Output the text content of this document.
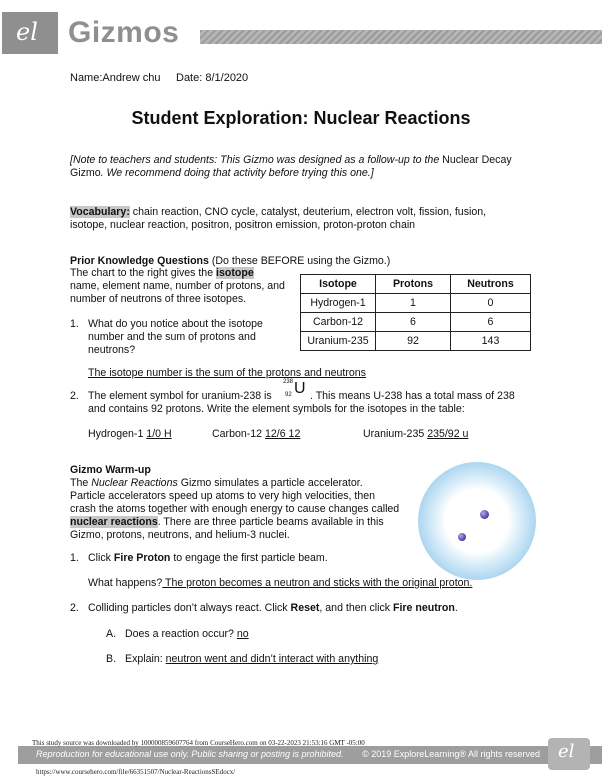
el Gizmos
Name:Andrew chu Date: 8/1/2020
Student Exploration: Nuclear Reactions

[Note to teachers and students: This Gizmo was designed as a follow-up to the Nuclear Decay

Gizmo. We recommend doing that activity before trying this one.]

Vocabulary: chain reaction, CNO cycle, catalyst, deuterium, electron volt, fission, fusion,

isotope, nuclear reaction, positron, positron emission, proton-proton chain

Prior Knowledge Questions (Do these BEFORE using the Gizmo.)

The chart to the right gives the isotope

name, element name, number of protons, and

number of neutrons of three isotopes.

Isotope	Protons	Neutrons
Hydrogen-1	1	0
Carbon-12	6	6
Uranium-235	92	143
1. What do you notice about the isotope

number and the sum of protons and

neutrons?

The isotope number is the sum of the protons and neutrons

2. The element symbol for uranium-238 is

238
92 U . This means U-238 has a total mass of 238

and contains 92 protons. Write the element symbols for the isotopes in the table:

Hydrogen-1 1/0 H	Carbon-12 12/6 12	Uranium-235 235/92 u

Gizmo Warm-up

The Nuclear Reactions Gizmo simulates a particle accelerator.

Particle accelerators speed up atoms to very high velocities, then

crash the atoms together with enough energy to cause changes called

nuclear reactions. There are three particle beams available in this

Gizmo, protons, neutrons, and helium-3 nuclei.

1. Click Fire Proton to engage the first particle beam.

What happens? The proton becomes a neutron and sticks with the original proton.

2. Colliding particles don’t always react. Click Reset, and then click Fire neutron.

A. Does a reaction occur? no

B. Explain: neutron went and didn’t interact with anything

Reproduction for educational use only. Public sharing or posting is prohibited. © 2019 ExploreLearning® All rights reserved
This study source was downloaded by 100000859607764 from CourseHero.com on 03-22-2023 21:53:16 GMT -05:00	el
https://www.coursehero.com/file/66351507/Nuclear-ReactionsSEdocx/
